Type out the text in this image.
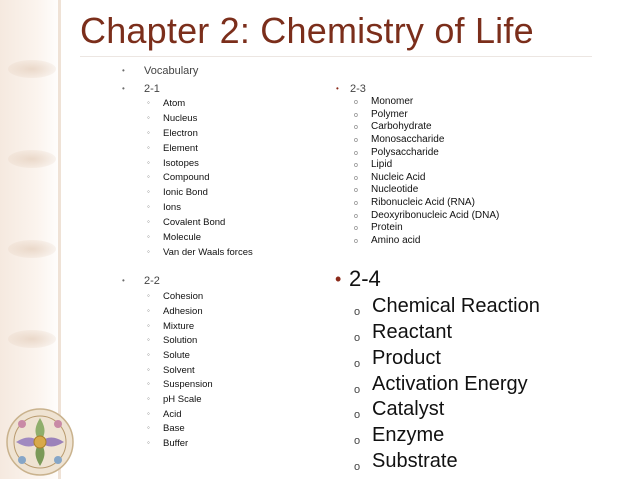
Chapter 2: Chemistry of Life
• Vocabulary
• 2-1
◦ Atom
◦ Nucleus
◦ Electron
◦ Element
◦ Isotopes
◦ Compound
◦ Ionic Bond
◦ Ions
◦ Covalent Bond
◦ Molecule
◦ Van der Waals forces
• 2-2
◦ Cohesion
◦ Adhesion
◦ Mixture
◦ Solution
◦ Solute
◦ Solvent
◦ Suspension
◦ pH Scale
◦ Acid
◦ Base
◦ Buffer
• 2-3
o Monomer
o Polymer
o Carbohydrate
o Monosaccharide
o Polysaccharide
o Lipid
o Nucleic Acid
o Nucleotide
o Ribonucleic Acid (RNA)
o Deoxyribonucleic Acid (DNA)
o Protein
o Amino acid
• 2-4
o Chemical Reaction
o Reactant
o Product
o Activation Energy
o Catalyst
o Enzyme
o Substrate
